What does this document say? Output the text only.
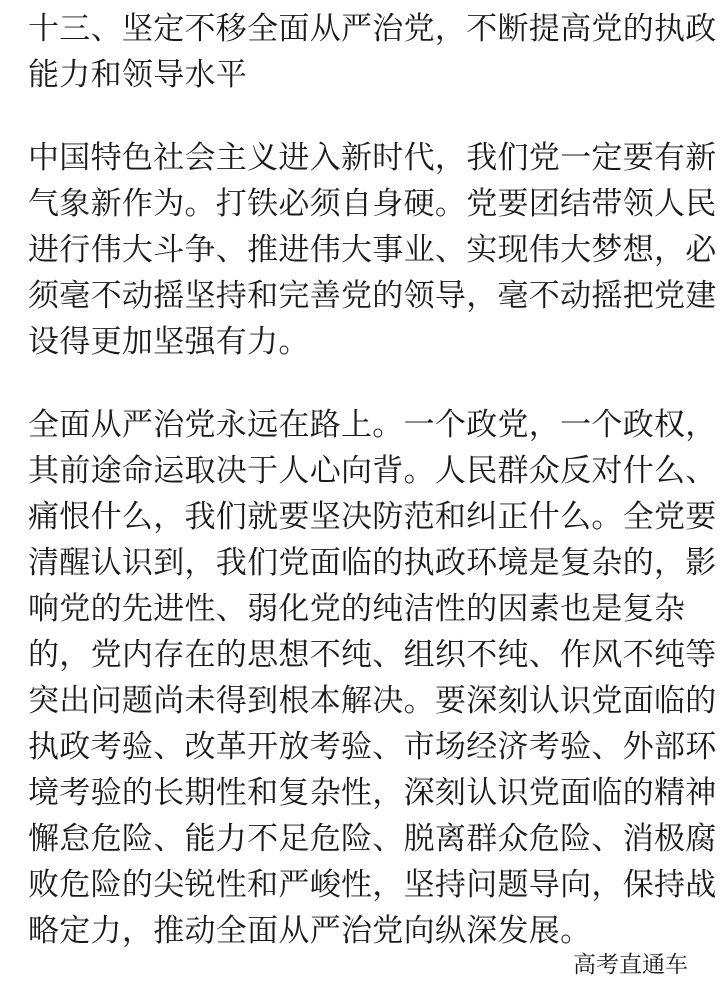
十三、坚定不移全面从严治党，不断提高党的执政
能力和领导水平
中国特色社会主义进入新时代，我们党一定要有新
气象新作为。打铁必须自身硬。党要团结带领人民
进行伟大斗争、推进伟大事业、实现伟大梦想，必
须毫不动摇坚持和完善党的领导，毫不动摇把党建
设得更加坚强有力。
全面从严治党永远在路上。一个政党，一个政权，
其前途命运取决于人心向背。人民群众反对什么、
痛恨什么，我们就要坚决防范和纠正什么。全党要
清醒认识到，我们党面临的执政环境是复杂的，影
响党的先进性、弱化党的纯洁性的因素也是复杂
的，党内存在的思想不纯、组织不纯、作风不纯等
突出问题尚未得到根本解决。要深刻认识党面临的
执政考验、改革开放考验、市场经济考验、外部环
境考验的长期性和复杂性，深刻认识党面临的精神
懈怠危险、能力不足危险、脱离群众危险、消极腐
败危险的尖锐性和严峻性，坚持问题导向，保持战
略定力，推动全面从严治党向纵深发展。
高考直通车
